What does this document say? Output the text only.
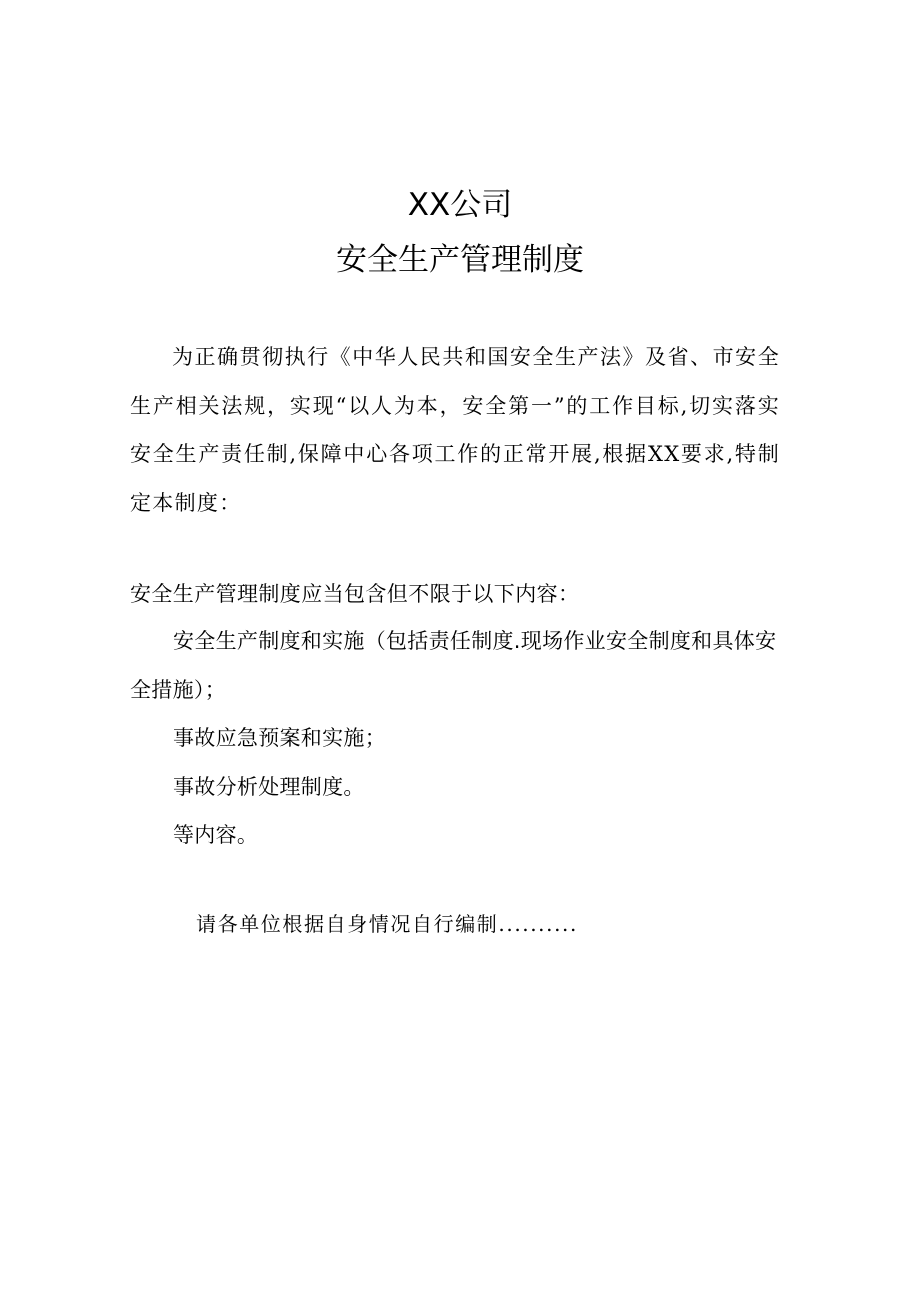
XX公司
安全生产管理制度

为正确贯彻执行《中华人民共和国安全生产法》及省、市安全生产相关法规，实现“以人为本，安全第一”的工作目标,切实落实安全生产责任制,保障中心各项工作的正常开展,根据XX要求,特制定本制度：

安全生产管理制度应当包含但不限于以下内容：

安全生产制度和实施（包括责任制度.现场作业安全制度和具体安全措施）；

事故应急预案和实施；

事故分析处理制度。

等内容。

请各单位根据自身情况自行编制..........
